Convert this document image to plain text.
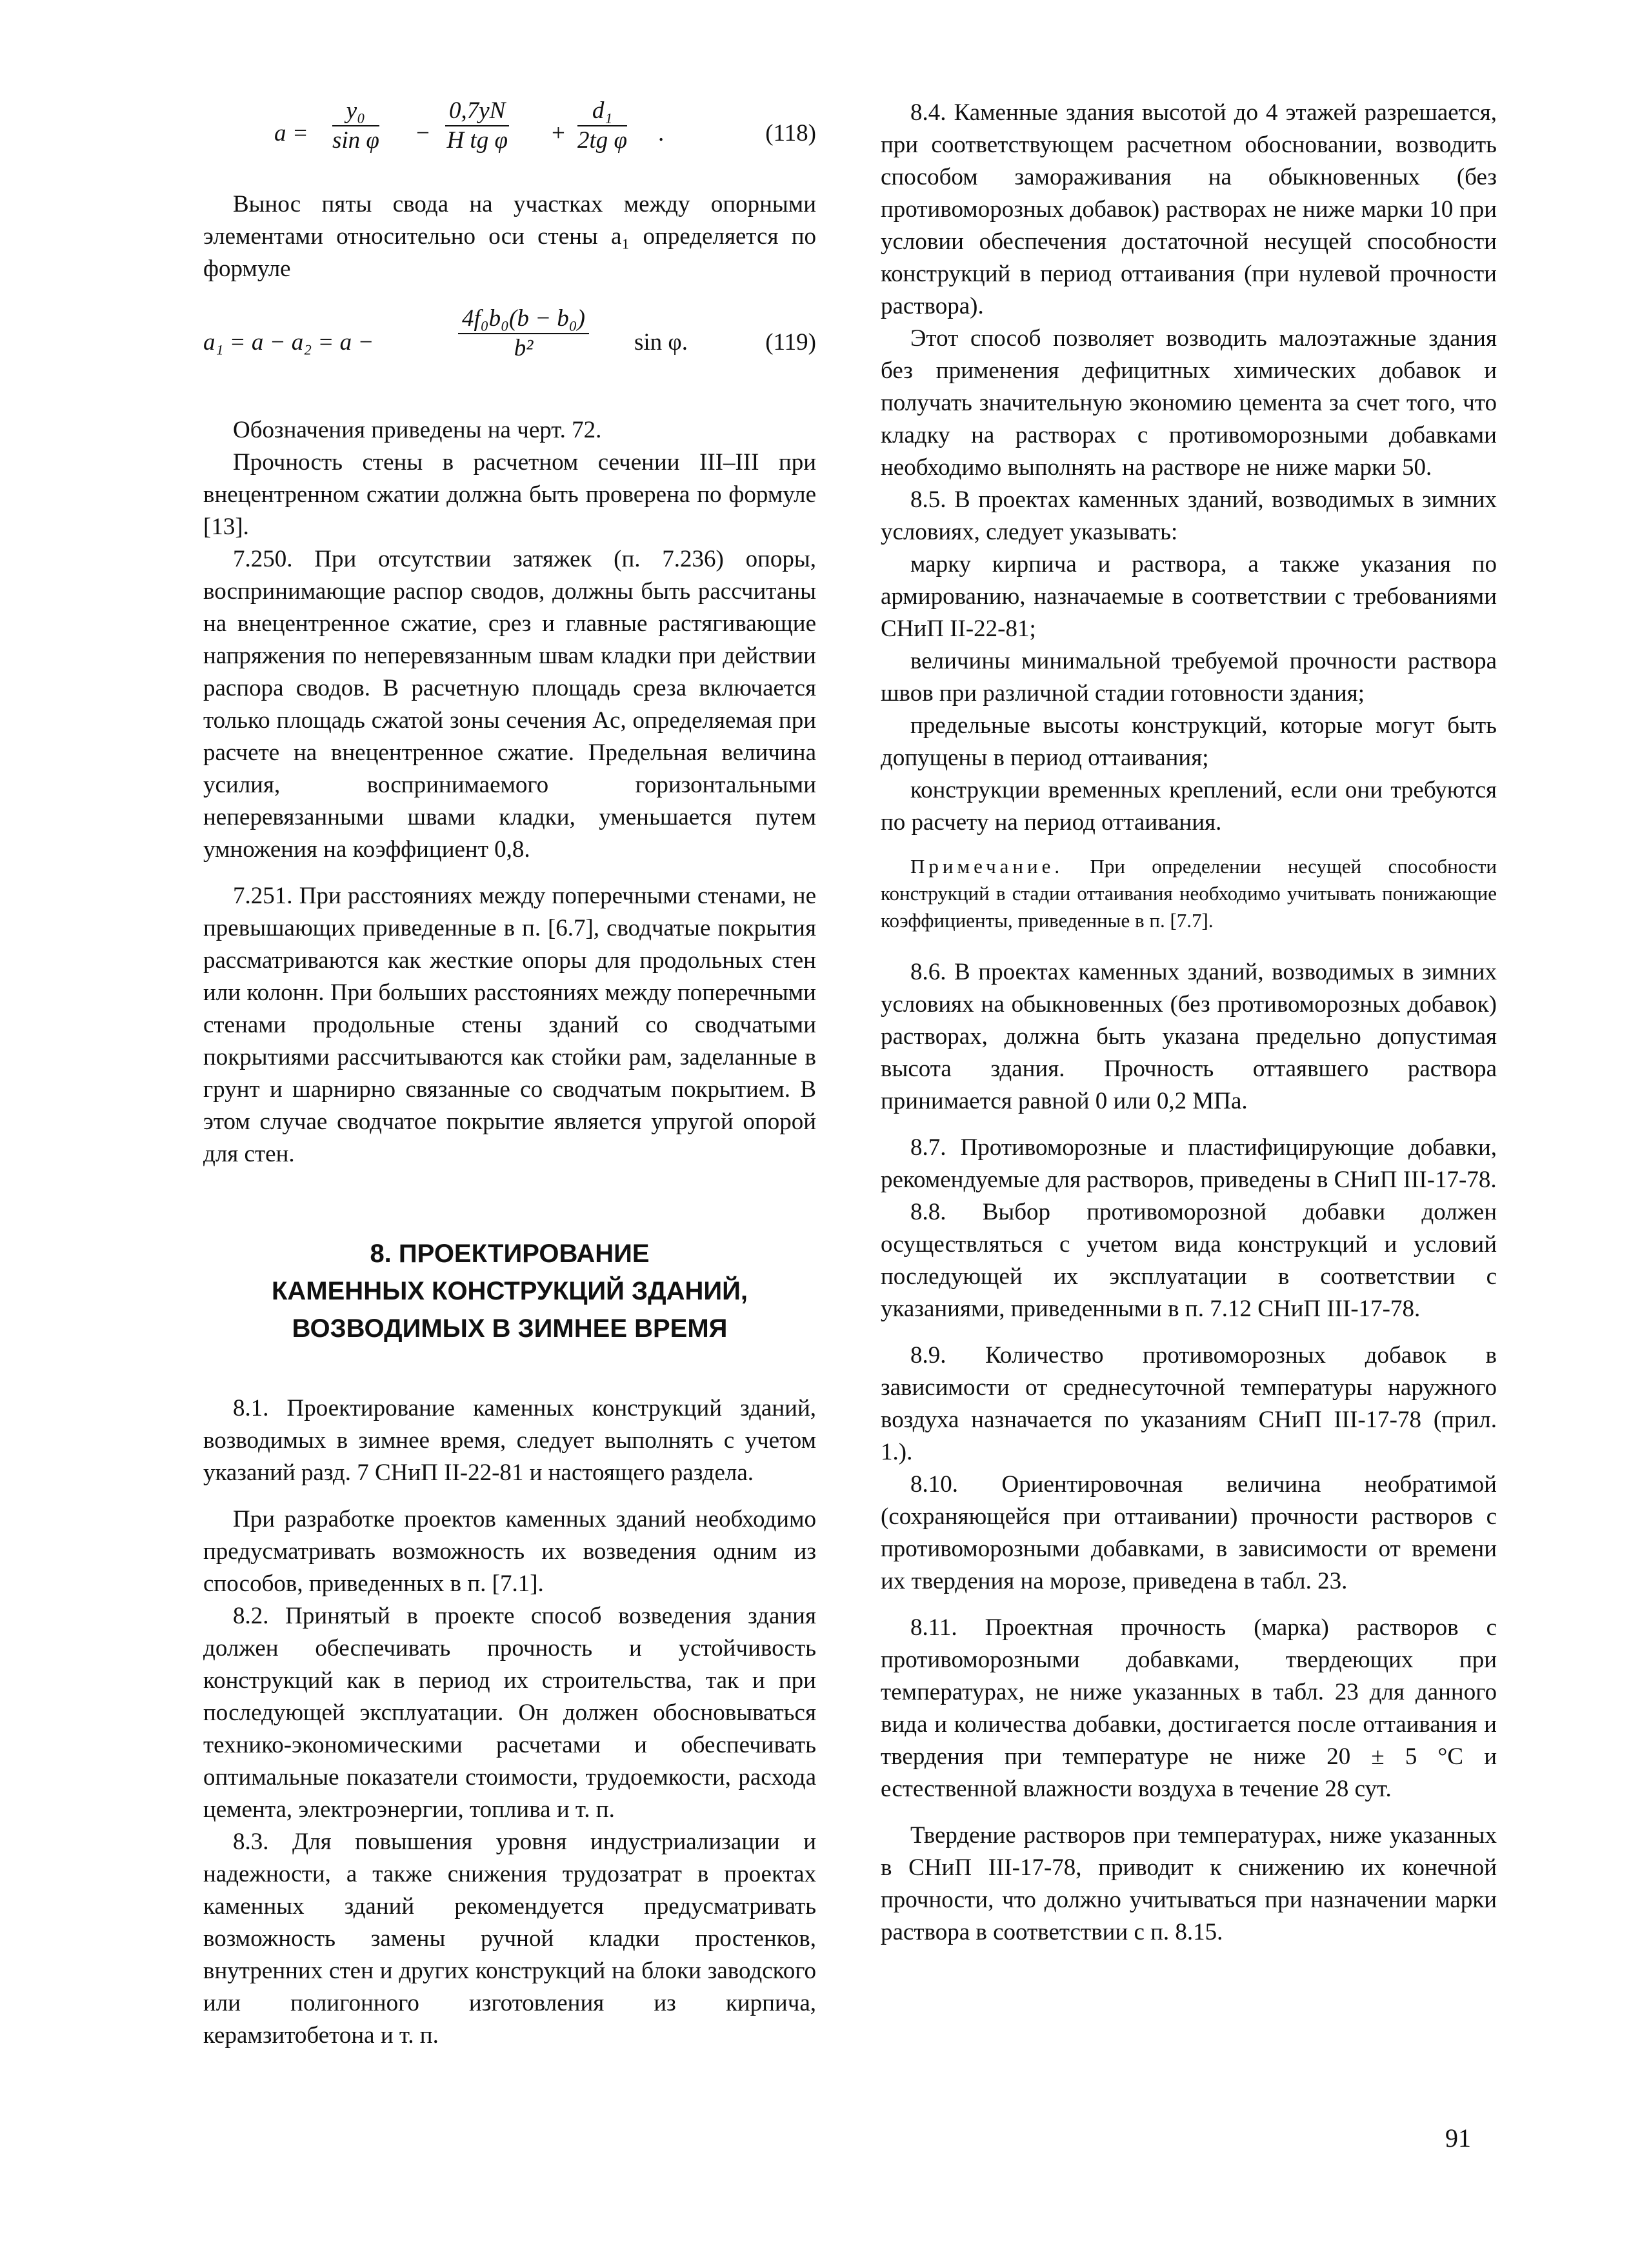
$a = \frac{\text{y₀}}{\text{sin φ}} - \frac{0,7yN}{\text{H tg φ}} + \frac{\text{d₁}}{\text{2tg φ}}$ .	(118)

Вынос пяты свода на участках между опорными элементами относительно оси стены a₁ определяется по формуле

a₁ = a − a₂ = a −	$\frac{\text{4f₀b₀(b − b₀)}}{\text{b²}}$ sin φ.	(119)

Обозначения приведены на черт. 72.

Прочность стены в расчетном сечении III–III при внецентренном сжатии должна быть проверена по формуле [13].

7.250. При отсутствии затяжек (п. 7.236) опоры, воспринимающие распор сводов, должны быть рассчитаны на внецентренное сжатие, срез и главные растягивающие напряжения по неперевязанным швам кладки при действии распора сводов. В расчетную площадь среза включается только площадь сжатой зоны сечения Aс, определяемая при расчете на внецентренное сжатие. Предельная величина усилия, воспринимаемого горизонтальными неперевязанными швами кладки, уменьшается путем умножения на коэффициент 0,8.

7.251. При расстояниях между поперечными стенами, не превышающих приведенные в п. [6.7], сводчатые покрытия рассматриваются как жесткие опоры для продольных стен или колонн. При больших расстояниях между поперечными стенами продольные стены зданий со сводчатыми покрытиями рассчитываются как стойки рам, заделанные в грунт и шарнирно связанные со сводчатым покрытием. В этом случае сводчатое покрытие является упругой опорой для стен.

8. ПРОЕКТИРОВАНИЕ
КАМЕННЫХ КОНСТРУКЦИЙ ЗДАНИЙ,
ВОЗВОДИМЫХ В ЗИМНЕЕ ВРЕМЯ

8.1. Проектирование каменных конструкций зданий, возводимых в зимнее время, следует выполнять с учетом указаний разд. 7 СНиП II-22-81 и настоящего раздела.

При разработке проектов каменных зданий необходимо предусматривать возможность их возведения одним из способов, приведенных в п. [7.1].

8.2. Принятый в проекте способ возведения здания должен обеспечивать прочность и устойчивость конструкций как в период их строительства, так и при последующей эксплуатации. Он должен обосновываться технико-экономическими расчетами и обеспечивать оптимальные показатели стоимости, трудоемкости, расхода цемента, электроэнергии, топлива и т. п.

8.3. Для повышения уровня индустриализации и надежности, а также снижения трудозатрат в проектах каменных зданий рекомендуется предусматривать возможность замены ручной кладки простенков, внутренних стен и других конструкций на блоки заводского или полигонного изготовления из кирпича, керамзитобетона и т. п.

8.4. Каменные здания высотой до 4 этажей разрешается, при соответствующем расчетном обосновании, возводить способом замораживания на обыкновенных (без противоморозных добавок) растворах не ниже марки 10 при условии обеспечения достаточной несущей способности конструкций в период оттаивания (при нулевой прочности раствора).

Этот способ позволяет возводить малоэтажные здания без применения дефицитных химических добавок и получать значительную экономию цемента за счет того, что кладку на растворах с противоморозными добавками необходимо выполнять на растворе не ниже марки 50.

8.5. В проектах каменных зданий, возводимых в зимних условиях, следует указывать:

марку кирпича и раствора, а также указания по армированию, назначаемые в соответствии с требованиями СНиП II-22-81;

величины минимальной требуемой прочности раствора швов при различной стадии готовности здания;

предельные высоты конструкций, которые могут быть допущены в период оттаивания;

конструкции временных креплений, если они требуются по расчету на период оттаивания.

Примечание. При определении несущей способности конструкций в стадии оттаивания необходимо учитывать понижающие коэффициенты, приведенные в п. [7.7].

8.6. В проектах каменных зданий, возводимых в зимних условиях на обыкновенных (без противоморозных добавок) растворах, должна быть указана предельно допустимая высота здания. Прочность оттаявшего раствора принимается равной 0 или 0,2 МПа.

8.7. Противоморозные и пластифицирующие добавки, рекомендуемые для растворов, приведены в СНиП III-17-78.

8.8. Выбор противоморозной добавки должен осуществляться с учетом вида конструкций и условий последующей их эксплуатации в соответствии с указаниями, приведенными в п. 7.12 СНиП III-17-78.

8.9. Количество противоморозных добавок в зависимости от среднесуточной температуры наружного воздуха назначается по указаниям СНиП III-17-78 (прил. 1.).

8.10. Ориентировочная величина необратимой (сохраняющейся при оттаивании) прочности растворов с противоморозными добавками, в зависимости от времени их твердения на морозе, приведена в табл. 23.

8.11. Проектная прочность (марка) растворов с противоморозными добавками, твердеющих при температурах, не ниже указанных в табл. 23 для данного вида и количества добавки, достигается после оттаивания и твердения при температуре не ниже 20 ± 5 °C и естественной влажности воздуха в течение 28 сут.

Твердение растворов при температурах, ниже указанных в СНиП III-17-78, приводит к снижению их конечной прочности, что должно учитываться при назначении марки раствора в соответствии с п. 8.15.

91
